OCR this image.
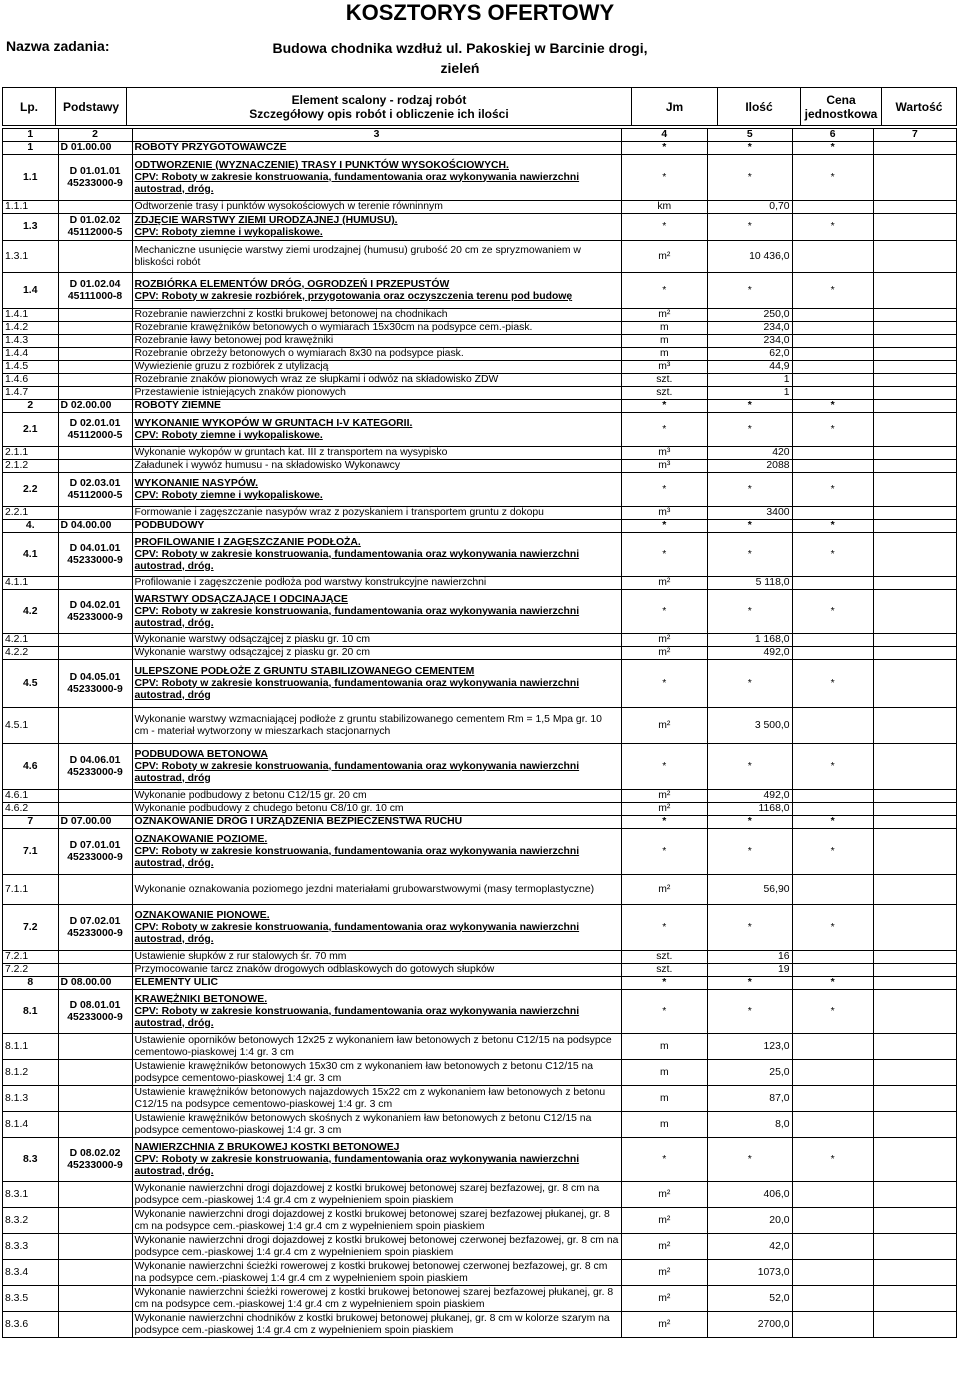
KOSZTORYS OFERTOWY
Nazwa zadania:	Budowa chodnika wzdłuż ul. Pakoskiej w Barcinie drogi, zieleń
Lp.	Podstawy	Element scalony - rodzaj robót
Szczegółowy opis robót i obliczenie ich ilości	Jm	Ilość	Cena
jednostkowa	Wartość
1	2	3	4	5	6	7
1	D 01.00.00	ROBOTY PRZYGOTOWAWCZE	*	*	*	
1.1	D 01.01.01 45233000-9	ODTWORZENIE (WYZNACZENIE) TRASY I PUNKTÓW WYSOKOŚCIOWYCH.
CPV: Roboty w zakresie konstruowania, fundamentowania oraz wykonywania nawierzchni autostrad, dróg.	*	*	*	
1.1.1		Odtworzenie trasy i punktów wysokościowych w terenie równinnym	km	0,70		
1.3	D 01.02.02 45112000-5	ZDJĘCIE WARSTWY ZIEMI URODZAJNEJ (HUMUSU).
CPV: Roboty ziemne i wykopaliskowe.	*	*	*	
1.3.1		Mechaniczne usunięcie warstwy ziemi urodzajnej (humusu) grubość 20 cm ze spryzmowaniem w bliskości robót	m²	10 436,0		
1.4	D 01.02.04 45111000-8	ROZBIÓRKA ELEMENTÓW DRÓG, OGRODZEŃ I PRZEPUSTÓW
CPV: Roboty w zakresie rozbiórek, przygotowania oraz oczyszczenia terenu pod budowę	*	*	*	
1.4.1		Rozebranie nawierzchni z kostki brukowej betonowej na chodnikach	m²	250,0		
1.4.2		Rozebranie krawężników betonowych o wymiarach 15x30cm na podsypce cem.-piask.	m	234,0		
1.4.3		Rozebranie ławy betonowej pod krawężniki	m	234,0		
1.4.4		Rozebranie obrzeży betonowych o wymiarach 8x30 na podsypce piask.	m	62,0		
1.4.5		Wywiezienie gruzu z rozbiórek z utylizacją	m³	44,9		
1.4.6		Rozebranie znaków pionowych wraz ze słupkami i odwóz na składowisko ZDW	szt.	1		
1.4.7		Przestawienie istniejących znaków pionowych	szt.	1		
2	D 02.00.00	ROBOTY ZIEMNE	*	*	*	
2.1	D 02.01.01 45112000-5	WYKONANIE WYKOPÓW W GRUNTACH I-V KATEGORII.
CPV: Roboty ziemne i wykopaliskowe.	*	*	*	
2.1.1		Wykonanie wykopów w gruntach kat. III z transportem na wysypisko	m³	420		
2.1.2		Załadunek i wywóz humusu - na składowisko Wykonawcy	m³	2088		
2.2	D 02.03.01 45112000-5	WYKONANIE NASYPÓW.
CPV: Roboty ziemne i wykopaliskowe.	*	*	*	
2.2.1		Formowanie i zagęszczanie nasypów wraz z pozyskaniem i transportem gruntu z dokopu	m³	3400		
4.	D 04.00.00	PODBUDOWY	*	*	*	
4.1	D 04.01.01 45233000-9	PROFILOWANIE I ZAGĘSZCZANIE PODŁOŻA.
CPV: Roboty w zakresie konstruowania, fundamentowania oraz wykonywania nawierzchni autostrad, dróg.	*	*	*	
4.1.1		Profilowanie i zagęszczenie podłoża pod warstwy konstrukcyjne nawierzchni	m²	5 118,0		
4.2	D 04.02.01 45233000-9	WARSTWY ODSĄCZAJĄCE I ODCINAJĄCE
CPV: Roboty w zakresie konstruowania, fundamentowania oraz wykonywania nawierzchni autostrad, dróg.	*	*	*	
4.2.1		Wykonanie warstwy odsącząjcej z piasku gr. 10 cm	m²	1 168,0		
4.2.2		Wykonanie warstwy odsącząjcej z piasku gr. 20 cm	m²	492,0		
4.5	D 04.05.01 45233000-9	ULEPSZONE PODŁOŻE Z GRUNTU STABILIZOWANEGO CEMENTEM
CPV: Roboty w zakresie konstruowania, fundamentowania oraz wykonywania nawierzchni autostrad, dróg	*	*	*	
4.5.1		Wykonanie warstwy wzmacniającej podłoże z gruntu stabilizowanego cementem Rm = 1,5 Mpa gr. 10 cm - materiał wytworzony w mieszarkach stacjonarnych	m²	3 500,0		
4.6	D 04.06.01 45233000-9	PODBUDOWA BETONOWA
CPV: Roboty w zakresie konstruowania, fundamentowania oraz wykonywania nawierzchni autostrad, dróg	*	*	*	
4.6.1		Wykonanie podbudowy z betonu C12/15 gr. 20 cm	m²	492,0		
4.6.2		Wykonanie podbudowy z chudego betonu C8/10 gr. 10 cm	m²	1168,0		
7	D 07.00.00	OZNAKOWANIE DRÓG I URZĄDZENIA BEZPIECZEŃSTWA RUCHU	*	*	*	
7.1	D 07.01.01 45233000-9	OZNAKOWANIE POZIOME.
CPV: Roboty w zakresie konstruowania, fundamentowania oraz wykonywania nawierzchni autostrad, dróg.	*	*	*	
7.1.1		Wykonanie oznakowania poziomego jezdni materiałami grubowarstwowymi (masy termoplastyczne)	m²	56,90		
7.2	D 07.02.01 45233000-9	OZNAKOWANIE PIONOWE.
CPV: Roboty w zakresie konstruowania, fundamentowania oraz wykonywania nawierzchni autostrad, dróg.	*	*	*	
7.2.1		Ustawienie słupków z rur stalowych śr. 70 mm	szt.	16		
7.2.2		Przymocowanie tarcz znaków drogowych odblaskowych do gotowych słupków	szt.	19		
8	D 08.00.00	ELEMENTY ULIC	*	*	*	
8.1	D 08.01.01 45233000-9	KRAWĘŻNIKI BETONOWE.
CPV: Roboty w zakresie konstruowania, fundamentowania oraz wykonywania nawierzchni autostrad, dróg.	*	*	*	
8.1.1		Ustawienie oporników betonowych 12x25 z wykonaniem ław betonowych z betonu C12/15 na podsypce cementowo-piaskowej 1:4 gr. 3 cm	m	123,0		
8.1.2		Ustawienie krawężników betonowych 15x30 cm z wykonaniem ław betonowych z betonu C12/15 na podsypce cementowo-piaskowej 1:4 gr. 3 cm	m	25,0		
8.1.3		Ustawienie krawężników betonowych najazdowych 15x22 cm z wykonaniem ław betonowych z betonu C12/15 na podsypce cementowo-piaskowej 1:4 gr. 3 cm	m	87,0		
8.1.4		Ustawienie krawężników betonowych skośnych z wykonaniem ław betonowych z betonu C12/15 na podsypce cementowo-piaskowej 1:4 gr. 3 cm	m	8,0		
8.3	D 08.02.02 45233000-9	NAWIERZCHNIA Z BRUKOWEJ KOSTKI BETONOWEJ
CPV: Roboty w zakresie konstruowania, fundamentowania oraz wykonywania nawierzchni autostrad, dróg.	*	*	*	
8.3.1		Wykonanie nawierzchni drogi dojazdowej z kostki brukowej betonowej szarej bezfazowej, gr. 8 cm na podsypce cem.-piaskowej 1:4 gr.4 cm z wypełnieniem spoin piaskiem	m²	406,0		
8.3.2		Wykonanie nawierzchni drogi dojazdowej z kostki brukowej betonowej szarej bezfazowej płukanej, gr. 8 cm na podsypce cem.-piaskowej 1:4 gr.4 cm z wypełnieniem spoin piaskiem	m²	20,0		
8.3.3		Wykonanie nawierzchni drogi dojazdowej z kostki brukowej betonowej czerwonej bezfazowej, gr. 8 cm na podsypce cem.-piaskowej 1:4 gr.4 cm z wypełnieniem spoin piaskiem	m²	42,0		
8.3.4		Wykonanie nawierzchni ścieżki rowerowej z kostki brukowej betonowej czerwonej bezfazowej, gr. 8 cm na podsypce cem.-piaskowej 1:4 gr.4 cm z wypełnieniem spoin piaskiem	m²	1073,0		
8.3.5		Wykonanie nawierzchni ścieżki rowerowej z kostki brukowej betonowej szarej bezfazowej płukanej, gr. 8 cm na podsypce cem.-piaskowej 1:4 gr.4 cm z wypełnieniem spoin piaskiem	m²	52,0		
8.3.6		Wykonanie nawierzchni chodników z kostki brukowej betonowej płukanej, gr. 8 cm w kolorze szarym na podsypce cem.-piaskowej 1:4 gr.4 cm z wypełnieniem spoin piaskiem	m²	2700,0		
